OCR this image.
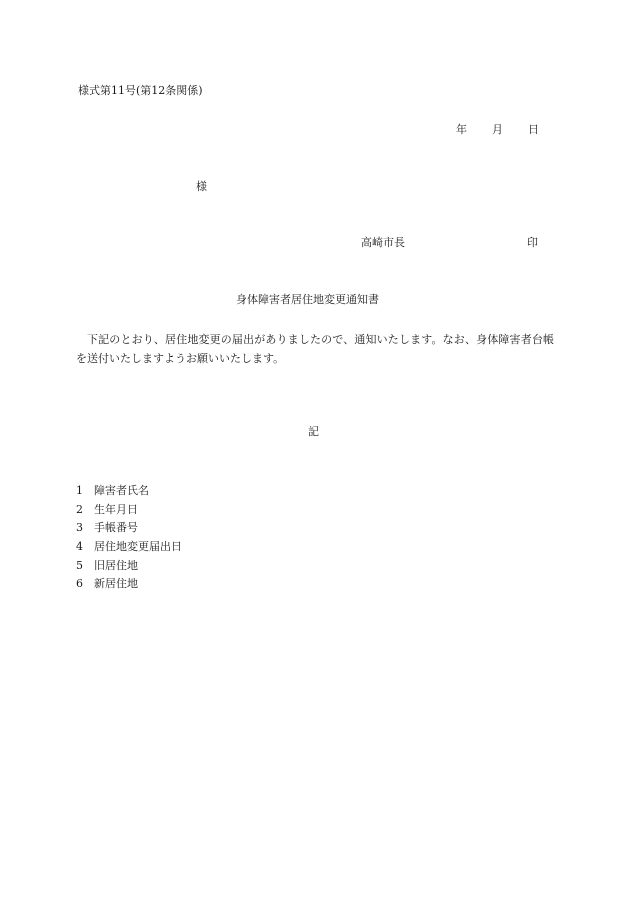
様式第11号(第12条関係)
年 月 日
様
高崎市長	印
身体障害者居住地変更通知書
下記のとおり、居住地変更の届出がありましたので、通知いたします。なお、身体障害者台帳を送付いたしますようお願いいたします。
記
1 障害者氏名
2 生年月日
3 手帳番号
4 居住地変更届出日
5 旧居住地
6 新居住地
